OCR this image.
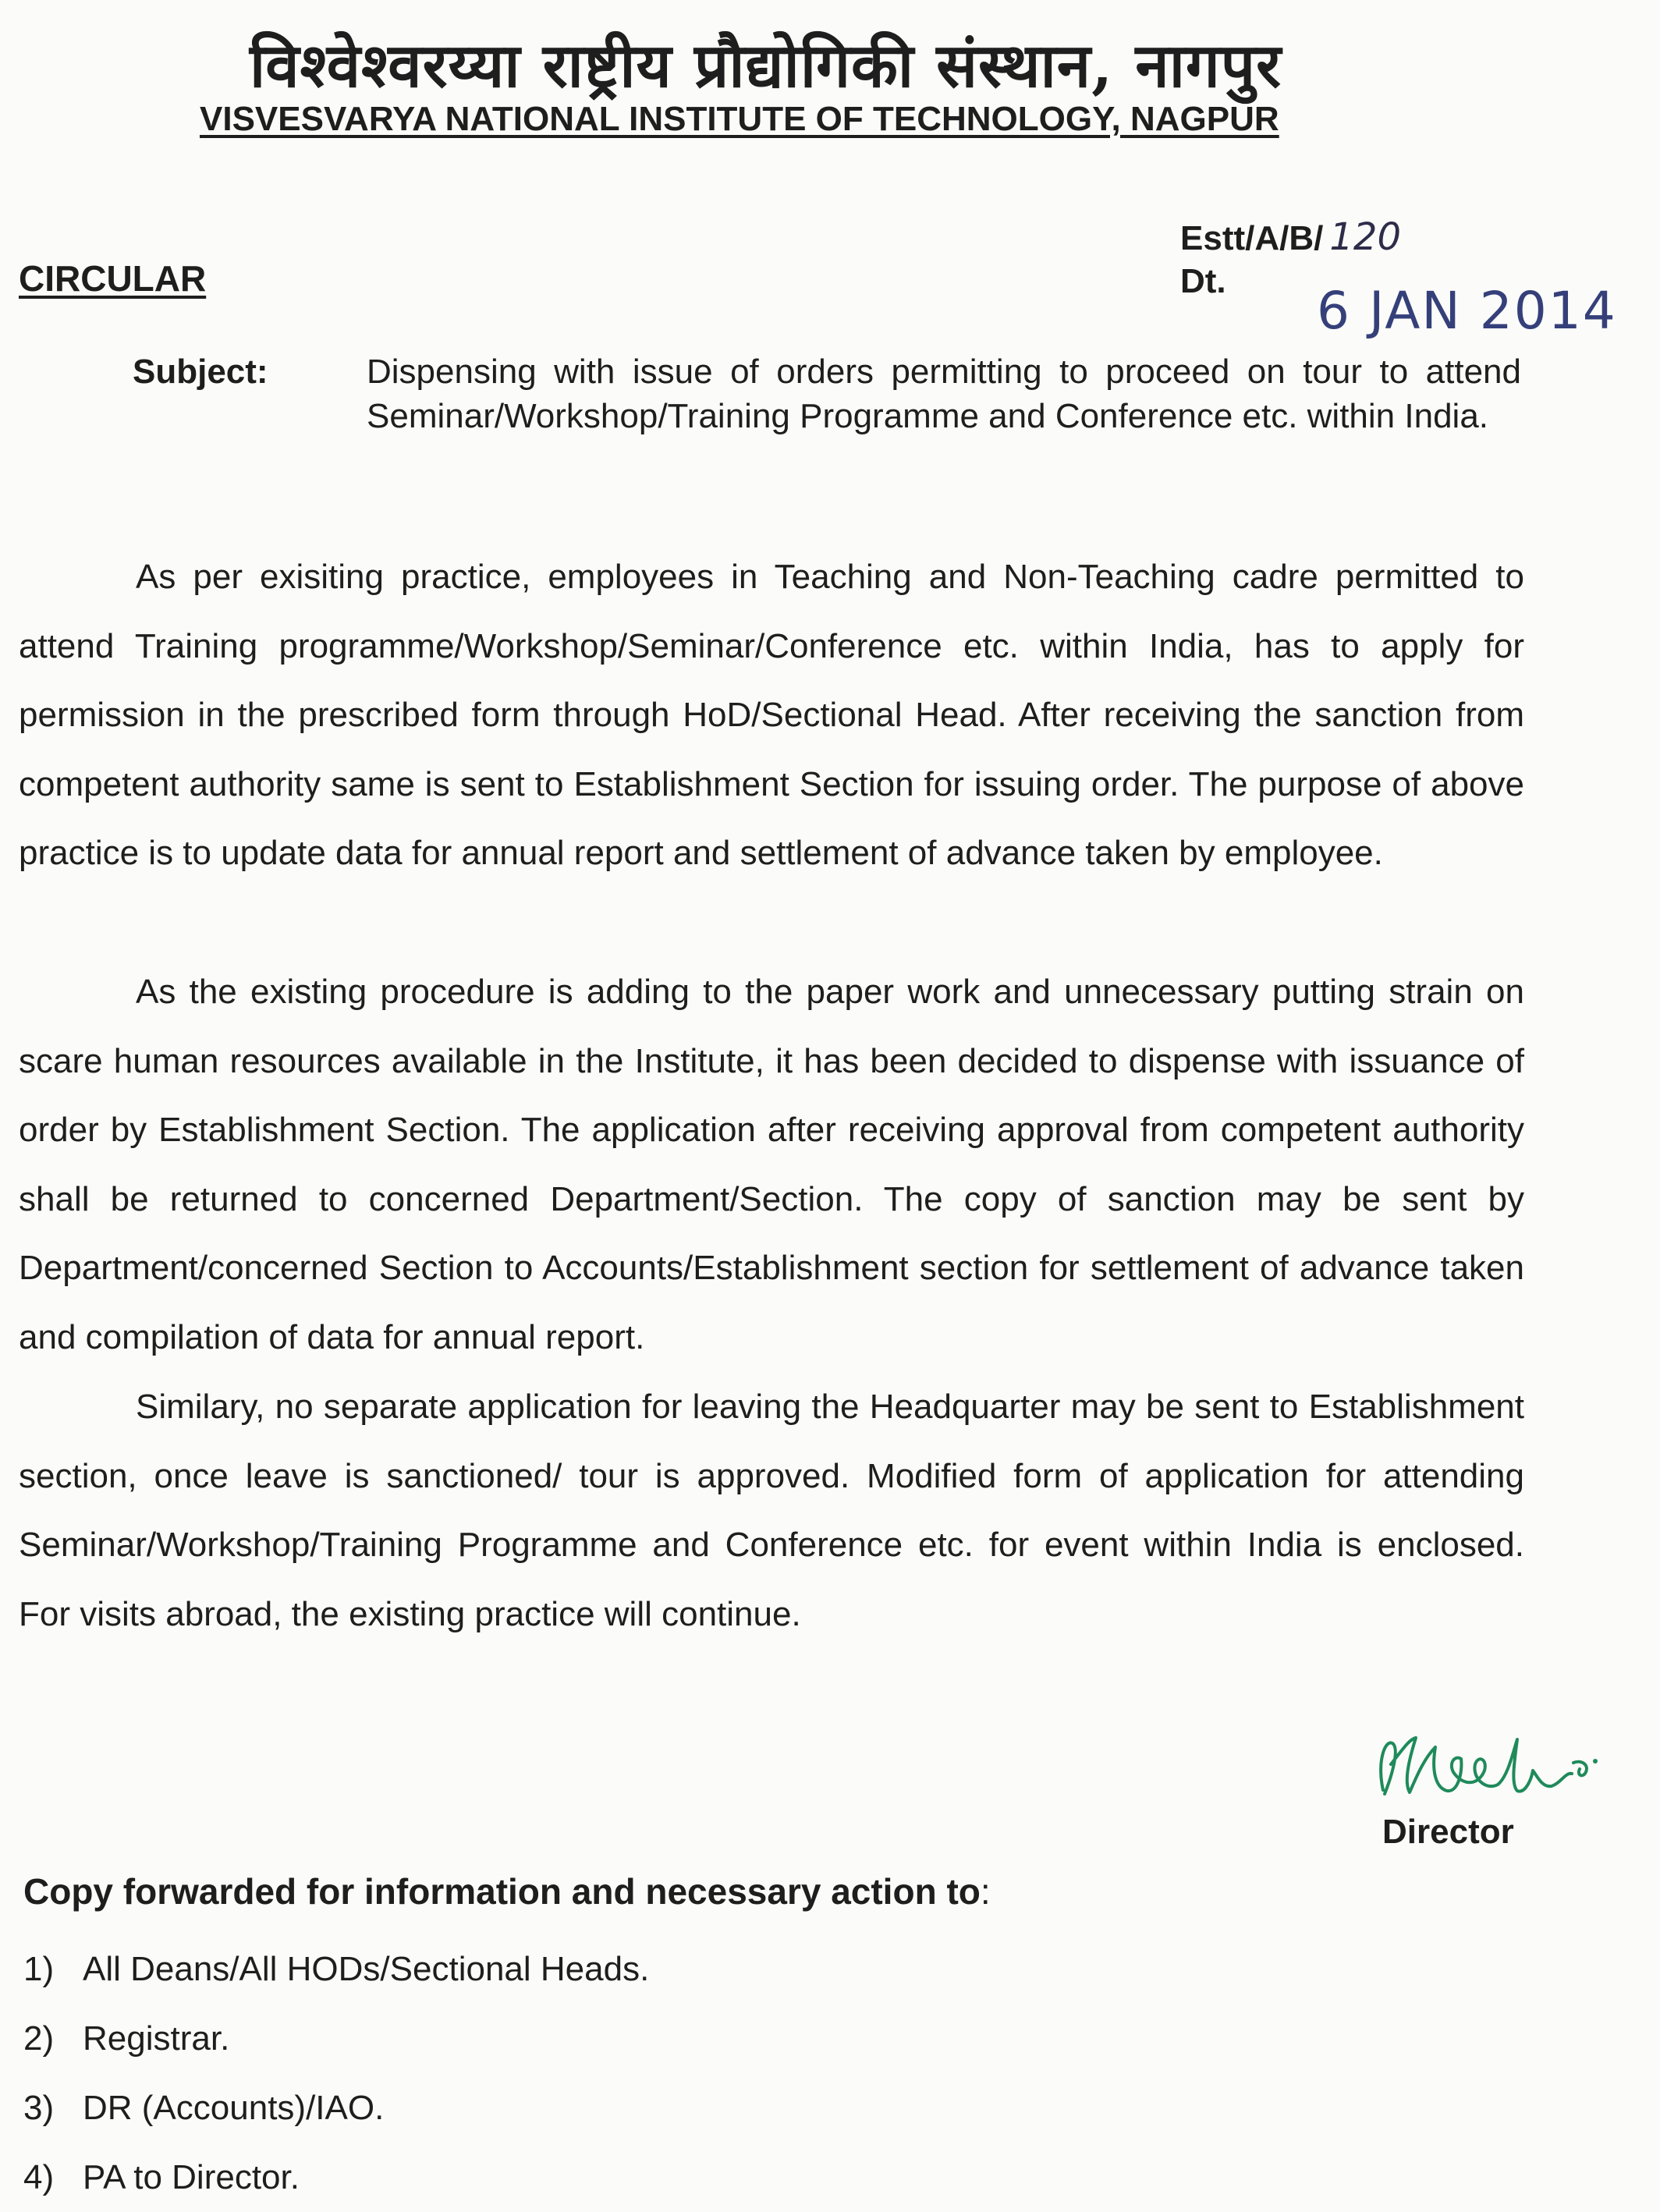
विश्वेश्वरय्या राष्ट्रीय प्रौद्योगिकी संस्थान, नागपुर
VISVESVARYA NATIONAL INSTITUTE OF TECHNOLOGY, NAGPUR
Estt/A/B/ 120
CIRCULAR	Dt. 6 JAN 2014
Subject:	Dispensing with issue of orders permitting to proceed on tour to attend Seminar/Workshop/Training Programme and Conference etc. within India.

As per exisiting practice, employees in Teaching and Non-Teaching cadre permitted to attend Training programme/Workshop/Seminar/Conference etc. within India, has to apply for permission in the prescribed form through HoD/Sectional Head. After receiving the sanction from competent authority same is sent to Establishment Section for issuing order. The purpose of above practice is to update data for annual report and settlement of advance taken by employee.

As the existing procedure is adding to the paper work and unnecessary putting strain on scare human resources available in the Institute, it has been decided to dispense with issuance of order by Establishment Section. The application after receiving approval from competent authority shall be returned to concerned Department/Section. The copy of sanction may be sent by Department/concerned Section to Accounts/Establishment section for settlement of advance taken and compilation of data for annual report.

Similary, no separate application for leaving the Headquarter may be sent to Establishment section, once leave is sanctioned/ tour is approved. Modified form of application for attending Seminar/Workshop/Training Programme and Conference etc. for event within India is enclosed. For visits abroad, the existing practice will continue.

Director
Copy forwarded for information and necessary action to:
1) All Deans/All HODs/Sectional Heads.
2) Registrar.
3) DR (Accounts)/IAO.
4) PA to Director.
